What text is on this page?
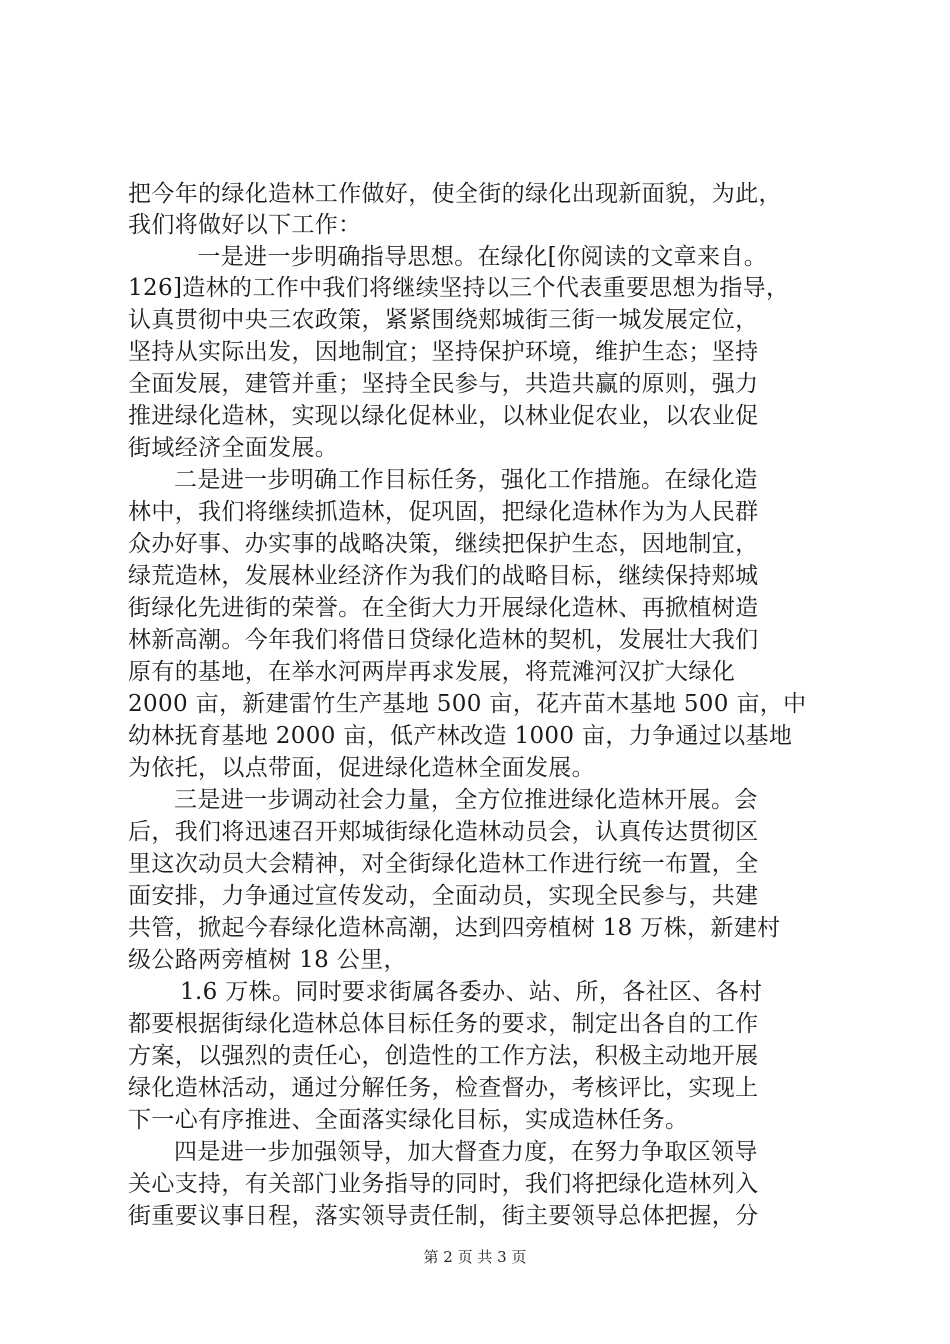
把今年的绿化造林工作做好，使全街的绿化出现新面貌，为此，
我们将做好以下工作：
　一是进一步明确指导思想。在绿化[你阅读的文章来自。
126]造林的工作中我们将继续坚持以三个代表重要思想为指导，
认真贯彻中央三农政策，紧紧围绕郏城街三街一城发展定位，
坚持从实际出发，因地制宜；坚持保护环境，维护生态；坚持
全面发展，建管并重；坚持全民参与，共造共赢的原则，强力
推进绿化造林，实现以绿化促林业，以林业促农业，以农业促
街域经济全面发展。
二是进一步明确工作目标任务，强化工作措施。在绿化造
林中，我们将继续抓造林，促巩固，把绿化造林作为为人民群
众办好事、办实事的战略决策，继续把保护生态，因地制宜，
绿荒造林，发展林业经济作为我们的战略目标，继续保持郏城
街绿化先进街的荣誉。在全街大力开展绿化造林、再掀植树造
林新高潮。今年我们将借日贷绿化造林的契机，发展壮大我们
原有的基地，在举水河两岸再求发展，将荒滩河汉扩大绿化
2000 亩，新建雷竹生产基地 500 亩，花卉苗木基地 500 亩，中
幼林抚育基地 2000 亩，低产林改造 1000 亩，力争通过以基地
为依托，以点带面，促进绿化造林全面发展。
三是进一步调动社会力量，全方位推进绿化造林开展。会
后，我们将迅速召开郏城街绿化造林动员会，认真传达贯彻区
里这次动员大会精神，对全街绿化造林工作进行统一布置，全
面安排，力争通过宣传发动，全面动员，实现全民参与，共建
共管，掀起今春绿化造林高潮，达到四旁植树 18 万株，新建村
级公路两旁植树 18 公里，
1.6 万株。同时要求街属各委办、站、所，各社区、各村
都要根据街绿化造林总体目标任务的要求，制定出各自的工作
方案，以强烈的责任心，创造性的工作方法，积极主动地开展
绿化造林活动，通过分解任务，检查督办，考核评比，实现上
下一心有序推进、全面落实绿化目标，实成造林任务。
四是进一步加强领导，加大督查力度，在努力争取区领导
关心支持，有关部门业务指导的同时，我们将把绿化造林列入
街重要议事日程，落实领导责任制，街主要领导总体把握，分
第 2 页 共 3 页
